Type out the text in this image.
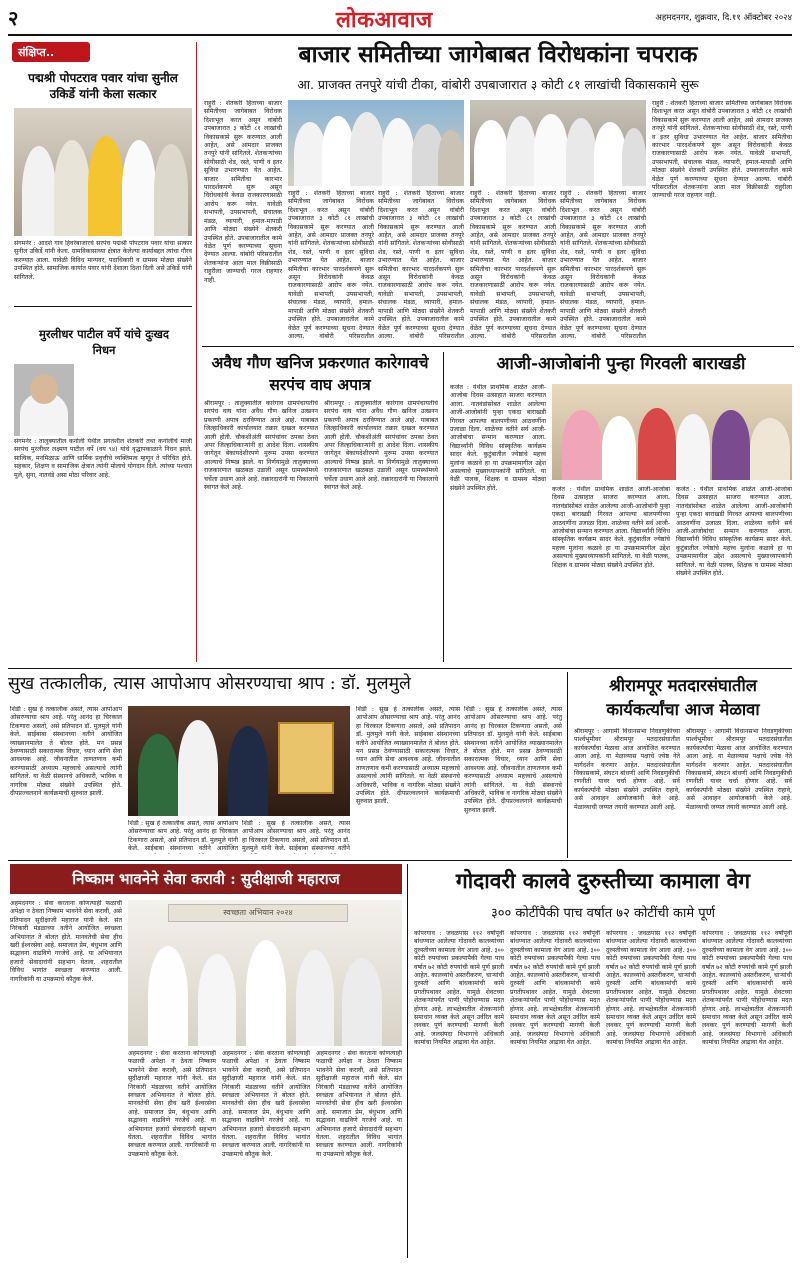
२	लोकआवाज	अहमदनगर, शुक्रवार, दि.११ ऑक्टोबर २०२४
संक्षिप्त..
पद्मश्री पोपटराव पवार यांचा सुनील उकिर्डे यांनी केला सत्कार
संगमनेर : आदर्श गाव हिवरेबाजारचे सरपंच पद्मश्री पोपटराव पवार यांचा सत्कार सुनील उकिर्डे यांनी केला. ग्रामविकासाच्या क्षेत्रात केलेल्या कार्याबद्दल त्यांचा गौरव करण्यात आला. यावेळी विविध मान्यवर, पदाधिकारी व ग्रामस्थ मोठ्या संख्येने उपस्थित होते. सामाजिक कार्यात पवार यांनी देशाला दिशा दिली असे उकिर्डे यांनी सांगितले.
मुरलीधर पाटील वर्पे यांचे दुःखद निधन
संगमनेर : तालुक्यातील कनोली येथील प्रगतशील शेतकरी तथा कनोलीचे माजी सरपंच मुरलीधर लक्ष्मण पाटील वर्पे (वय ९४) यांचे वृद्धापकाळाने निधन झाले. सात्विक, मनमिळाऊ आणि धार्मिक प्रवृत्तीचे व्यक्तिमत्व म्हणून ते परिचित होते. सहकार, शिक्षण व सामाजिक क्षेत्रात त्यांनी मोलाचे योगदान दिले. त्यांच्या पश्चात मुले, सुना, नातवंडे असा मोठा परिवार आहे.
बाजार समितीच्या जागेबाबत विरोधकांना चपराक
आ. प्राजक्त तनपुरे यांची टीका, वांबोरी उपबाजारात ३ कोटी ८१ लाखांची विकासकामे सुरू
राहुरी : शेतकरी हिताच्या बाजार समितीच्या जागेबाबत विरोधक दिशाभूल करत असून वांबोरी उपबाजारात ३ कोटी ८१ लाखांची विकासकामे सुरू करण्यात आली आहेत, असे आमदार प्राजक्त तनपुरे यांनी सांगितले. शेतकऱ्यांच्या सोयीसाठी शेड, रस्ते, पाणी व इतर सुविधा उभारण्यात येत आहेत. बाजार समितीचा कारभार पारदर्शकपणे सुरू असून विरोधकांनी केवळ राजकारणासाठी आरोप करू नयेत. यावेळी सभापती, उपसभापती, संचालक मंडळ, व्यापारी, हमाल-मापाडी आणि मोठ्या संख्येने शेतकरी उपस्थित होते. उपबाजारातील कामे वेळेत पूर्ण करण्याच्या सूचना देण्यात आल्या. वांबोरी परिसरातील शेतकऱ्यांना आता माल विक्रीसाठी राहुरीला जाण्याची गरज राहणार नाही.
राहुरी : शेतकरी हिताच्या बाजार समितीच्या जागेबाबत विरोधक दिशाभूल करत असून वांबोरी उपबाजारात ३ कोटी ८१ लाखांची विकासकामे सुरू करण्यात आली आहेत, असे आमदार प्राजक्त तनपुरे यांनी सांगितले. शेतकऱ्यांच्या सोयीसाठी शेड, रस्ते, पाणी व इतर सुविधा उभारण्यात येत आहेत. बाजार समितीचा कारभार पारदर्शकपणे सुरू असून विरोधकांनी केवळ राजकारणासाठी आरोप करू नयेत. यावेळी सभापती, उपसभापती, संचालक मंडळ, व्यापारी, हमाल-मापाडी आणि मोठ्या संख्येने शेतकरी उपस्थित होते. उपबाजारातील कामे वेळेत पूर्ण करण्याच्या सूचना देण्यात आल्या. वांबोरी परिसरातील
राहुरी : शेतकरी हिताच्या बाजार समितीच्या जागेबाबत विरोधक दिशाभूल करत असून वांबोरी उपबाजारात ३ कोटी ८१ लाखांची विकासकामे सुरू करण्यात आली आहेत, असे आमदार प्राजक्त तनपुरे यांनी सांगितले. शेतकऱ्यांच्या सोयीसाठी शेड, रस्ते, पाणी व इतर सुविधा उभारण्यात येत आहेत. बाजार समितीचा कारभार पारदर्शकपणे सुरू असून विरोधकांनी केवळ राजकारणासाठी आरोप करू नयेत. यावेळी सभापती, उपसभापती, संचालक मंडळ, व्यापारी, हमाल-मापाडी आणि मोठ्या संख्येने शेतकरी उपस्थित होते. उपबाजारातील कामे वेळेत पूर्ण करण्याच्या सूचना देण्यात आल्या. वांबोरी परिसरातील
राहुरी : शेतकरी हिताच्या बाजार समितीच्या जागेबाबत विरोधक दिशाभूल करत असून वांबोरी उपबाजारात ३ कोटी ८१ लाखांची विकासकामे सुरू करण्यात आली आहेत, असे आमदार प्राजक्त तनपुरे यांनी सांगितले. शेतकऱ्यांच्या सोयीसाठी शेड, रस्ते, पाणी व इतर सुविधा उभारण्यात येत आहेत. बाजार समितीचा कारभार पारदर्शकपणे सुरू असून विरोधकांनी केवळ राजकारणासाठी आरोप करू नयेत. यावेळी सभापती, उपसभापती, संचालक मंडळ, व्यापारी, हमाल-मापाडी आणि मोठ्या संख्येने शेतकरी उपस्थित होते. उपबाजारातील कामे वेळेत पूर्ण करण्याच्या सूचना देण्यात आल्या. वांबोरी परिसरातील
राहुरी : शेतकरी हिताच्या बाजार समितीच्या जागेबाबत विरोधक दिशाभूल करत असून वांबोरी उपबाजारात ३ कोटी ८१ लाखांची विकासकामे सुरू करण्यात आली आहेत, असे आमदार प्राजक्त तनपुरे यांनी सांगितले. शेतकऱ्यांच्या सोयीसाठी शेड, रस्ते, पाणी व इतर सुविधा उभारण्यात येत आहेत. बाजार समितीचा कारभार पारदर्शकपणे सुरू असून विरोधकांनी केवळ राजकारणासाठी आरोप करू नयेत. यावेळी सभापती, उपसभापती, संचालक मंडळ, व्यापारी, हमाल-मापाडी आणि मोठ्या संख्येने शेतकरी उपस्थित होते. उपबाजारातील कामे वेळेत पूर्ण करण्याच्या सूचना देण्यात आल्या. वांबोरी परिसरातील
राहुरी : शेतकरी हिताच्या बाजार समितीच्या जागेबाबत विरोधक दिशाभूल करत असून वांबोरी उपबाजारात ३ कोटी ८१ लाखांची विकासकामे सुरू करण्यात आली आहेत, असे आमदार प्राजक्त तनपुरे यांनी सांगितले. शेतकऱ्यांच्या सोयीसाठी शेड, रस्ते, पाणी व इतर सुविधा उभारण्यात येत आहेत. बाजार समितीचा कारभार पारदर्शकपणे सुरू असून विरोधकांनी केवळ राजकारणासाठी आरोप करू नयेत. यावेळी सभापती, उपसभापती, संचालक मंडळ, व्यापारी, हमाल-मापाडी आणि मोठ्या संख्येने शेतकरी उपस्थित होते. उपबाजारातील कामे वेळेत पूर्ण करण्याच्या सूचना देण्यात आल्या. वांबोरी परिसरातील शेतकऱ्यांना आता माल विक्रीसाठी राहुरीला जाण्याची गरज राहणार नाही.
अवैध गौण खनिज प्रकरणात कारेगावचे सरपंच वाघ अपात्र
श्रीरामपूर : तालुक्यातील कारेगाव ग्रामपंचायतीचे सरपंच वाघ यांना अवैध गौण खनिज उत्खनन प्रकरणी अपात्र ठरविण्यात आले आहे. याबाबत जिल्हाधिकारी कार्यालयात तक्रार दाखल करण्यात आली होती. चौकशीअंती सरपंचांवर ठपका ठेवत अपर जिल्हाधिकाऱ्यांनी हा आदेश दिला. शासकीय जागेतून बेकायदेशीरपणे मुरूम उपसा करण्यात आल्याचे निष्पन्न झाले. या निर्णयामुळे तालुक्याच्या राजकारणात खळबळ उडाली असून ग्रामस्थांमध्ये चर्चेला उधाण आले आहे. तक्रारदारांनी या निकालाचे स्वागत केले आहे.
श्रीरामपूर : तालुक्यातील कारेगाव ग्रामपंचायतीचे सरपंच वाघ यांना अवैध गौण खनिज उत्खनन प्रकरणी अपात्र ठरविण्यात आले आहे. याबाबत जिल्हाधिकारी कार्यालयात तक्रार दाखल करण्यात आली होती. चौकशीअंती सरपंचांवर ठपका ठेवत अपर जिल्हाधिकाऱ्यांनी हा आदेश दिला. शासकीय जागेतून बेकायदेशीरपणे मुरूम उपसा करण्यात आल्याचे निष्पन्न झाले. या निर्णयामुळे तालुक्याच्या राजकारणात खळबळ उडाली असून ग्रामस्थांमध्ये चर्चेला उधाण आले आहे. तक्रारदारांनी या निकालाचे स्वागत केले आहे.
आजी-आजोबांनी पुन्हा गिरवली बाराखडी
कर्जत : येथील प्राथमिक शाळेत आजी-आजोबा दिवस उत्साहात साजरा करण्यात आला. नातवंडांसोबत शाळेत आलेल्या आजी-आजोबांनी पुन्हा एकदा बाराखडी गिरवत आपल्या बालपणीच्या आठवणींना उजाळा दिला. शाळेच्या वतीने सर्व आजी-आजोबांचा सन्मान करण्यात आला. विद्यार्थ्यांनी विविध सांस्कृतिक कार्यक्रम सादर केले. कुटुंबातील ज्येष्ठांचे महत्त्व मुलांना कळावे हा या उपक्रमामागील उद्देश असल्याचे मुख्याध्यापकांनी सांगितले. या वेळी पालक, शिक्षक व ग्रामस्थ मोठ्या संख्येने उपस्थित होते.	कर्जत : येथील प्राथमिक शाळेत आजी-आजोबा दिवस उत्साहात साजरा करण्यात आला. नातवंडांसोबत शाळेत आलेल्या आजी-आजोबांनी पुन्हा एकदा बाराखडी गिरवत आपल्या बालपणीच्या आठवणींना उजाळा दिला. शाळेच्या वतीने सर्व आजी-आजोबांचा सन्मान करण्यात आला. विद्यार्थ्यांनी विविध सांस्कृतिक कार्यक्रम सादर केले. कुटुंबातील ज्येष्ठांचे महत्त्व मुलांना कळावे हा या उपक्रमामागील उद्देश असल्याचे मुख्याध्यापकांनी सांगितले. या वेळी पालक, शिक्षक व ग्रामस्थ मोठ्या संख्येने उपस्थित होते.
कर्जत : येथील प्राथमिक शाळेत आजी-आजोबा दिवस उत्साहात साजरा करण्यात आला. नातवंडांसोबत शाळेत आलेल्या आजी-आजोबांनी पुन्हा एकदा बाराखडी गिरवत आपल्या बालपणीच्या आठवणींना उजाळा दिला. शाळेच्या वतीने सर्व आजी-आजोबांचा सन्मान करण्यात आला. विद्यार्थ्यांनी विविध सांस्कृतिक कार्यक्रम सादर केले. कुटुंबातील ज्येष्ठांचे महत्त्व मुलांना कळावे हा या उपक्रमामागील उद्देश असल्याचे मुख्याध्यापकांनी सांगितले. या वेळी पालक, शिक्षक व ग्रामस्थ मोठ्या संख्येने उपस्थित होते.
सुख तत्कालीक, त्यास आपोआप ओसरण्याचा श्राप : डॉ. मुलमुले
शिर्डी : सुख हे तत्कालीक असते, त्यास आपोआप ओसरण्याचा श्राप आहे. परंतु आनंद हा चिरकाल टिकणारा असतो, असे प्रतिपादन डॉ. मुलमुले यांनी केले. साईबाबा संस्थानच्या वतीने आयोजित व्याख्यानमालेत ते बोलत होते. मन प्रसन्न ठेवण्यासाठी सकारात्मक विचार, ध्यान आणि सेवा आवश्यक आहे. जीवनातील ताणतणाव कमी करण्यासाठी अध्यात्म महत्त्वाचे असल्याचे त्यांनी सांगितले. या वेळी संस्थानचे अधिकारी, भाविक व नागरिक मोठ्या संख्येने उपस्थित होते. दीपप्रज्वलनाने कार्यक्रमाची सुरुवात झाली.
शिर्डी : सुख हे तत्कालीक असते, त्यास आपोआप ओसरण्याचा श्राप आहे. परंतु आनंद हा चिरकाल टिकणारा असतो, असे प्रतिपादन डॉ. मुलमुले यांनी केले. साईबाबा संस्थानच्या वतीने आयोजित
शिर्डी : सुख हे तत्कालीक असते, त्यास आपोआप ओसरण्याचा श्राप आहे. परंतु आनंद हा चिरकाल टिकणारा असतो, असे प्रतिपादन डॉ. मुलमुले यांनी केले. साईबाबा संस्थानच्या वतीने
शिर्डी : सुख हे तत्कालीक असते, त्यास आपोआप ओसरण्याचा श्राप आहे. परंतु आनंद हा चिरकाल टिकणारा असतो, असे प्रतिपादन डॉ. मुलमुले यांनी केले. साईबाबा संस्थानच्या वतीने आयोजित व्याख्यानमालेत ते बोलत होते. मन प्रसन्न ठेवण्यासाठी सकारात्मक विचार, ध्यान आणि सेवा आवश्यक आहे. जीवनातील ताणतणाव कमी करण्यासाठी अध्यात्म महत्त्वाचे असल्याचे त्यांनी सांगितले. या वेळी संस्थानचे अधिकारी, भाविक व नागरिक मोठ्या संख्येने उपस्थित होते. दीपप्रज्वलनाने कार्यक्रमाची सुरुवात झाली.
शिर्डी : सुख हे तत्कालीक असते, त्यास आपोआप ओसरण्याचा श्राप आहे. परंतु आनंद हा चिरकाल टिकणारा असतो, असे प्रतिपादन डॉ. मुलमुले यांनी केले. साईबाबा संस्थानच्या वतीने आयोजित व्याख्यानमालेत ते बोलत होते. मन प्रसन्न ठेवण्यासाठी सकारात्मक विचार, ध्यान आणि सेवा आवश्यक आहे. जीवनातील ताणतणाव कमी करण्यासाठी अध्यात्म महत्त्वाचे असल्याचे त्यांनी सांगितले. या वेळी संस्थानचे अधिकारी, भाविक व नागरिक मोठ्या संख्येने उपस्थित होते. दीपप्रज्वलनाने कार्यक्रमाची सुरुवात झाली.
श्रीरामपूर मतदारसंघातील कार्यकर्त्यांचा आज मेळावा
श्रीरामपूर : आगामी विधानसभा निवडणुकीच्या पार्श्वभूमीवर श्रीरामपूर मतदारसंघातील कार्यकर्त्यांचा मेळावा आज आयोजित करण्यात आला आहे. या मेळाव्यास पक्षाचे ज्येष्ठ नेते मार्गदर्शन करणार आहेत. मतदारसंघातील विकासकामे, संघटन बांधणी आणि निवडणुकीची रणनीती यावर चर्चा होणार आहे. सर्व कार्यकर्त्यांनी मोठ्या संख्येने उपस्थित राहावे, असे आवाहन आयोजकांनी केले आहे. मेळाव्याची जय्यत तयारी करण्यात आली आहे.
श्रीरामपूर : आगामी विधानसभा निवडणुकीच्या पार्श्वभूमीवर श्रीरामपूर मतदारसंघातील कार्यकर्त्यांचा मेळावा आज आयोजित करण्यात आला आहे. या मेळाव्यास पक्षाचे ज्येष्ठ नेते मार्गदर्शन करणार आहेत. मतदारसंघातील विकासकामे, संघटन बांधणी आणि निवडणुकीची रणनीती यावर चर्चा होणार आहे. सर्व कार्यकर्त्यांनी मोठ्या संख्येने उपस्थित राहावे, असे आवाहन आयोजकांनी केले आहे. मेळाव्याची जय्यत तयारी करण्यात आली आहे.
निष्काम भावनेने सेवा करावी : सुदीक्षाजी महाराज
अहमदनगर : सेवा करताना कोणत्याही फळाची अपेक्षा न ठेवता निष्काम भावनेने सेवा करावी, असे प्रतिपादन सुदीक्षाजी महाराज यांनी केले. संत निरंकारी मंडळाच्या वतीने आयोजित स्वच्छता अभियानात ते बोलत होते. मानवतेची सेवा हीच खरी ईश्वरसेवा आहे. समाजात प्रेम, बंधुभाव आणि सद्भावना वाढविणे गरजेचे आहे. या अभियानात हजारो सेवादारांनी सहभाग घेतला. शहरातील विविध भागांत स्वच्छता करण्यात आली. नागरिकांनी या उपक्रमाचे कौतुक केले.
स्वच्छता अभियान २०२४
अहमदनगर : सेवा करताना कोणत्याही फळाची अपेक्षा न ठेवता निष्काम भावनेने सेवा करावी, असे प्रतिपादन सुदीक्षाजी महाराज यांनी केले. संत निरंकारी मंडळाच्या वतीने आयोजित स्वच्छता अभियानात ते बोलत होते. मानवतेची सेवा हीच खरी ईश्वरसेवा आहे. समाजात प्रेम, बंधुभाव आणि सद्भावना वाढविणे गरजेचे आहे. या अभियानात हजारो सेवादारांनी सहभाग घेतला. शहरातील विविध भागांत स्वच्छता करण्यात आली. नागरिकांनी या उपक्रमाचे कौतुक केले.
अहमदनगर : सेवा करताना कोणत्याही फळाची अपेक्षा न ठेवता निष्काम भावनेने सेवा करावी, असे प्रतिपादन सुदीक्षाजी महाराज यांनी केले. संत निरंकारी मंडळाच्या वतीने आयोजित स्वच्छता अभियानात ते बोलत होते. मानवतेची सेवा हीच खरी ईश्वरसेवा आहे. समाजात प्रेम, बंधुभाव आणि सद्भावना वाढविणे गरजेचे आहे. या अभियानात हजारो सेवादारांनी सहभाग घेतला. शहरातील विविध भागांत स्वच्छता करण्यात आली. नागरिकांनी या उपक्रमाचे कौतुक केले.
अहमदनगर : सेवा करताना कोणत्याही फळाची अपेक्षा न ठेवता निष्काम भावनेने सेवा करावी, असे प्रतिपादन सुदीक्षाजी महाराज यांनी केले. संत निरंकारी मंडळाच्या वतीने आयोजित स्वच्छता अभियानात ते बोलत होते. मानवतेची सेवा हीच खरी ईश्वरसेवा आहे. समाजात प्रेम, बंधुभाव आणि सद्भावना वाढविणे गरजेचे आहे. या अभियानात हजारो सेवादारांनी सहभाग घेतला. शहरातील विविध भागांत स्वच्छता करण्यात आली. नागरिकांनी या उपक्रमाचे कौतुक केले.
गोदावरी कालवे दुरुस्तीच्या कामाला वेग
३०० कोटींपैकी पाच वर्षात ७२ कोटींची कामे पूर्ण
कोपरगाव : जवळपास ११२ वर्षांपूर्वी बांधण्यात आलेल्या गोदावरी कालव्यांच्या दुरुस्तीच्या कामाला वेग आला आहे. ३०० कोटी रुपयांच्या प्रकल्पापैकी गेल्या पाच वर्षात ७२ कोटी रुपयांची कामे पूर्ण झाली आहेत. कालव्यांचे अस्तरीकरण, चाऱ्यांची दुरुस्ती आणि बांधकामांची कामे प्रगतीपथावर आहेत. यामुळे शेवटच्या शेतकऱ्यांपर्यंत पाणी पोहोचण्यास मदत होणार आहे. लाभक्षेत्रातील शेतकऱ्यांनी समाधान व्यक्त केले असून उर्वरित कामे लवकर पूर्ण करण्याची मागणी केली आहे. जलसंपदा विभागाचे अधिकारी कामांचा नियमित आढावा घेत आहेत.
कोपरगाव : जवळपास ११२ वर्षांपूर्वी बांधण्यात आलेल्या गोदावरी कालव्यांच्या दुरुस्तीच्या कामाला वेग आला आहे. ३०० कोटी रुपयांच्या प्रकल्पापैकी गेल्या पाच वर्षात ७२ कोटी रुपयांची कामे पूर्ण झाली आहेत. कालव्यांचे अस्तरीकरण, चाऱ्यांची दुरुस्ती आणि बांधकामांची कामे प्रगतीपथावर आहेत. यामुळे शेवटच्या शेतकऱ्यांपर्यंत पाणी पोहोचण्यास मदत होणार आहे. लाभक्षेत्रातील शेतकऱ्यांनी समाधान व्यक्त केले असून उर्वरित कामे लवकर पूर्ण करण्याची मागणी केली आहे. जलसंपदा विभागाचे अधिकारी कामांचा नियमित आढावा घेत आहेत.
कोपरगाव : जवळपास ११२ वर्षांपूर्वी बांधण्यात आलेल्या गोदावरी कालव्यांच्या दुरुस्तीच्या कामाला वेग आला आहे. ३०० कोटी रुपयांच्या प्रकल्पापैकी गेल्या पाच वर्षात ७२ कोटी रुपयांची कामे पूर्ण झाली आहेत. कालव्यांचे अस्तरीकरण, चाऱ्यांची दुरुस्ती आणि बांधकामांची कामे प्रगतीपथावर आहेत. यामुळे शेवटच्या शेतकऱ्यांपर्यंत पाणी पोहोचण्यास मदत होणार आहे. लाभक्षेत्रातील शेतकऱ्यांनी समाधान व्यक्त केले असून उर्वरित कामे लवकर पूर्ण करण्याची मागणी केली आहे. जलसंपदा विभागाचे अधिकारी कामांचा नियमित आढावा घेत आहेत.
कोपरगाव : जवळपास ११२ वर्षांपूर्वी बांधण्यात आलेल्या गोदावरी कालव्यांच्या दुरुस्तीच्या कामाला वेग आला आहे. ३०० कोटी रुपयांच्या प्रकल्पापैकी गेल्या पाच वर्षात ७२ कोटी रुपयांची कामे पूर्ण झाली आहेत. कालव्यांचे अस्तरीकरण, चाऱ्यांची दुरुस्ती आणि बांधकामांची कामे प्रगतीपथावर आहेत. यामुळे शेवटच्या शेतकऱ्यांपर्यंत पाणी पोहोचण्यास मदत होणार आहे. लाभक्षेत्रातील शेतकऱ्यांनी समाधान व्यक्त केले असून उर्वरित कामे लवकर पूर्ण करण्याची मागणी केली आहे. जलसंपदा विभागाचे अधिकारी कामांचा नियमित आढावा घेत आहेत.
